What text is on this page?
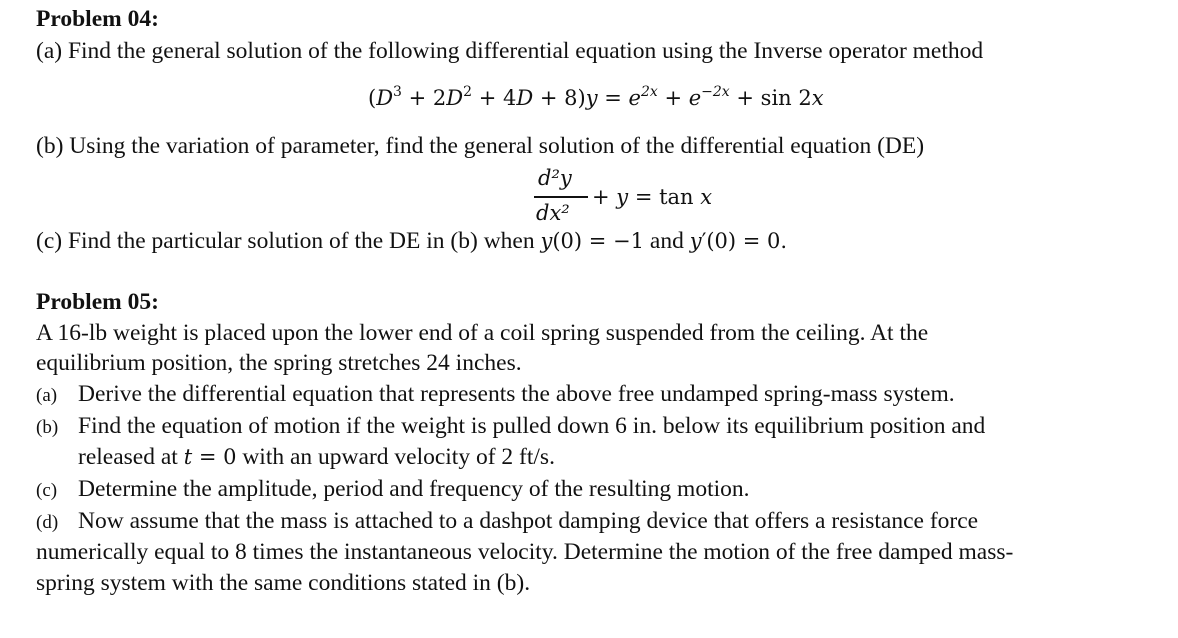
Problem 04:
(a) Find the general solution of the following differential equation using the Inverse operator method
$(D^3 + 2D^2 + 4D + 8)y = e^{2x} + e^{-2x} + \sin 2x$
(b) Using the variation of parameter, find the general solution of the differential equation (DE)
d²y
dx²
+ y = tan x
(c) Find the particular solution of the DE in (b) when y(0) = −1 and y′(0) = 0.
Problem 05:
A 16-lb weight is placed upon the lower end of a coil spring suspended from the ceiling. At the
equilibrium position, the spring stretches 24 inches.
(a) Derive the differential equation that represents the above free undamped spring-mass system.
(b) Find the equation of motion if the weight is pulled down 6 in. below its equilibrium position and
released at t = 0 with an upward velocity of 2 ft/s.
(c) Determine the amplitude, period and frequency of the resulting motion.
(d) Now assume that the mass is attached to a dashpot damping device that offers a resistance force
numerically equal to 8 times the instantaneous velocity. Determine the motion of the free damped mass-
spring system with the same conditions stated in (b).
